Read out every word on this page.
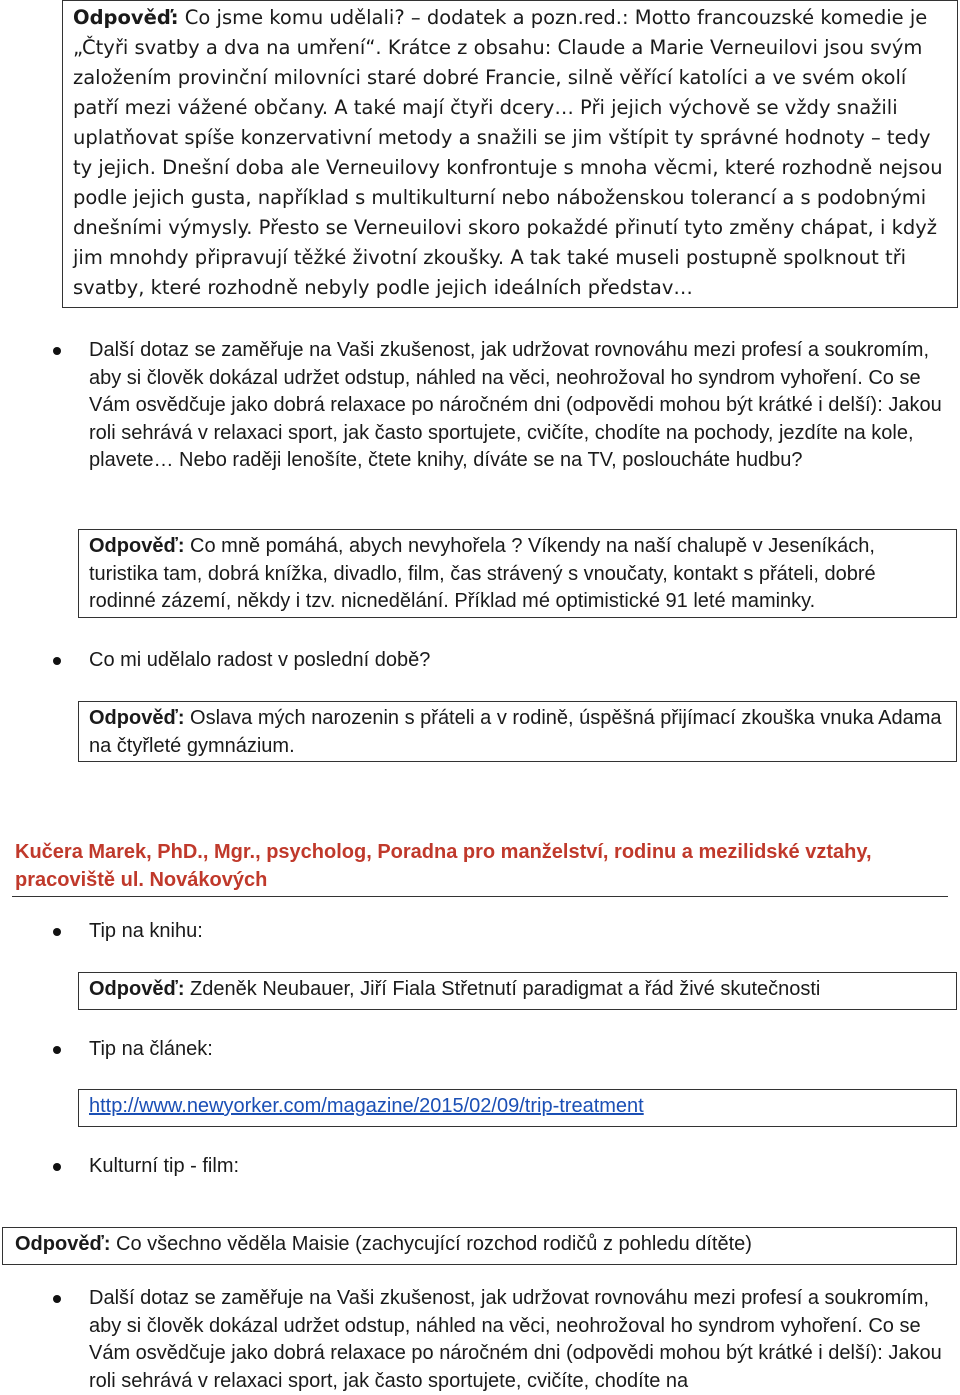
Odpověď: Co jsme komu udělali? – dodatek a pozn.red.: Motto francouzské komedie je „Čtyři svatby a dva na umření“. Krátce z obsahu: Claude a Marie Verneuilovi jsou svým založením provinční milovníci staré dobré Francie, silně věřící katolíci a ve svém okolí patří mezi vážené občany. A také mají čtyři dcery… Při jejich výchově se vždy snažili uplatňovat spíše konzervativní metody a snažili se jim vštípit ty správné hodnoty – tedy ty jejich. Dnešní doba ale Verneuilovy konfrontuje s mnoha věcmi, které rozhodně nejsou podle jejich gusta, například s multikulturní nebo náboženskou tolerancí a s podobnými dnešními výmysly. Přesto se Verneuilovi skoro pokaždé přinutí tyto změny chápat, i když jim mnohdy připravují těžké životní zkoušky. A tak také museli postupně spolknout tři svatby, které rozhodně nebyly podle jejich ideálních představ…

Další dotaz se zaměřuje na Vaši zkušenost, jak udržovat rovnováhu mezi profesí a soukromím, aby si člověk dokázal udržet odstup, náhled na věci, neohrožoval ho syndrom vyhoření. Co se Vám osvědčuje jako dobrá relaxace po náročném dni (odpovědi mohou být krátké i delší): Jakou roli sehrává v relaxaci sport, jak často sportujete, cvičíte, chodíte na pochody, jezdíte na kole, plavete… Nebo raději lenošíte, čtete knihy, díváte se na TV, posloucháte hudbu?

Odpověď: Co mně pomáhá, abych nevyhořela ? Víkendy na naší chalupě v Jeseníkách, turistika tam, dobrá knížka, divadlo, film, čas strávený s vnoučaty, kontakt s přáteli, dobré rodinné zázemí, někdy i tzv. nicnedělání. Příklad mé optimistické 91 leté maminky.

Co mi udělalo radost v poslední době?

Odpověď: Oslava mých narozenin s přáteli a v rodině, úspěšná přijímací zkouška vnuka Adama na čtyřleté gymnázium.

Kučera Marek, PhD., Mgr., psycholog, Poradna pro manželství, rodinu a mezilidské vztahy, pracoviště ul. Novákových

Tip na knihu:

Odpověď: Zdeněk Neubauer, Jiří Fiala Střetnutí paradigmat a řád živé skutečnosti

Tip na článek:

http://www.newyorker.com/magazine/2015/02/09/trip-treatment

Kulturní tip - film:

Odpověď: Co všechno věděla Maisie (zachycující rozchod rodičů z pohledu dítěte)

Další dotaz se zaměřuje na Vaši zkušenost, jak udržovat rovnováhu mezi profesí a soukromím, aby si člověk dokázal udržet odstup, náhled na věci, neohrožoval ho syndrom vyhoření. Co se Vám osvědčuje jako dobrá relaxace po náročném dni (odpovědi mohou být krátké i delší): Jakou roli sehrává v relaxaci sport, jak často sportujete, cvičíte, chodíte na
